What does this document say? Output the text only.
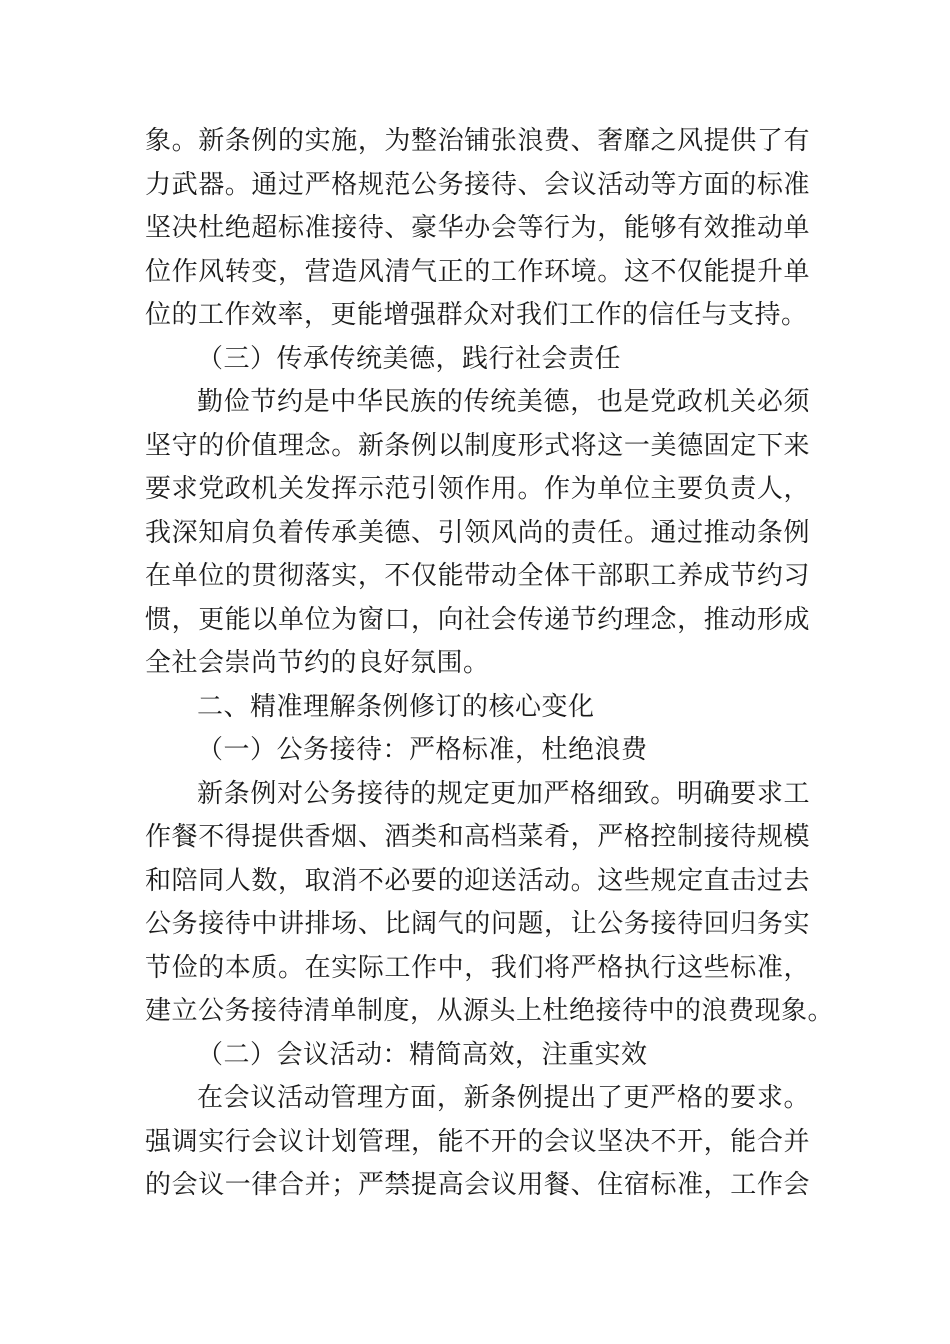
象。新条例的实施，为整治铺张浪费、奢靡之风提供了有
力武器。通过严格规范公务接待、会议活动等方面的标准
坚决杜绝超标准接待、豪华办会等行为，能够有效推动单
位作风转变，营造风清气正的工作环境。这不仅能提升单
位的工作效率，更能增强群众对我们工作的信任与支持。
（三）传承传统美德，践行社会责任
勤俭节约是中华民族的传统美德，也是党政机关必须
坚守的价值理念。新条例以制度形式将这一美德固定下来
要求党政机关发挥示范引领作用。作为单位主要负责人，
我深知肩负着传承美德、引领风尚的责任。通过推动条例
在单位的贯彻落实，不仅能带动全体干部职工养成节约习
惯，更能以单位为窗口，向社会传递节约理念，推动形成
全社会崇尚节约的良好氛围。
二、精准理解条例修订的核心变化
（一）公务接待：严格标准，杜绝浪费
新条例对公务接待的规定更加严格细致。明确要求工
作餐不得提供香烟、酒类和高档菜肴，严格控制接待规模
和陪同人数，取消不必要的迎送活动。这些规定直击过去
公务接待中讲排场、比阔气的问题，让公务接待回归务实
节俭的本质。在实际工作中，我们将严格执行这些标准，
建立公务接待清单制度，从源头上杜绝接待中的浪费现象。
（二）会议活动：精简高效，注重实效
在会议活动管理方面，新条例提出了更严格的要求。
强调实行会议计划管理，能不开的会议坚决不开，能合并
的会议一律合并；严禁提高会议用餐、住宿标准，工作会
